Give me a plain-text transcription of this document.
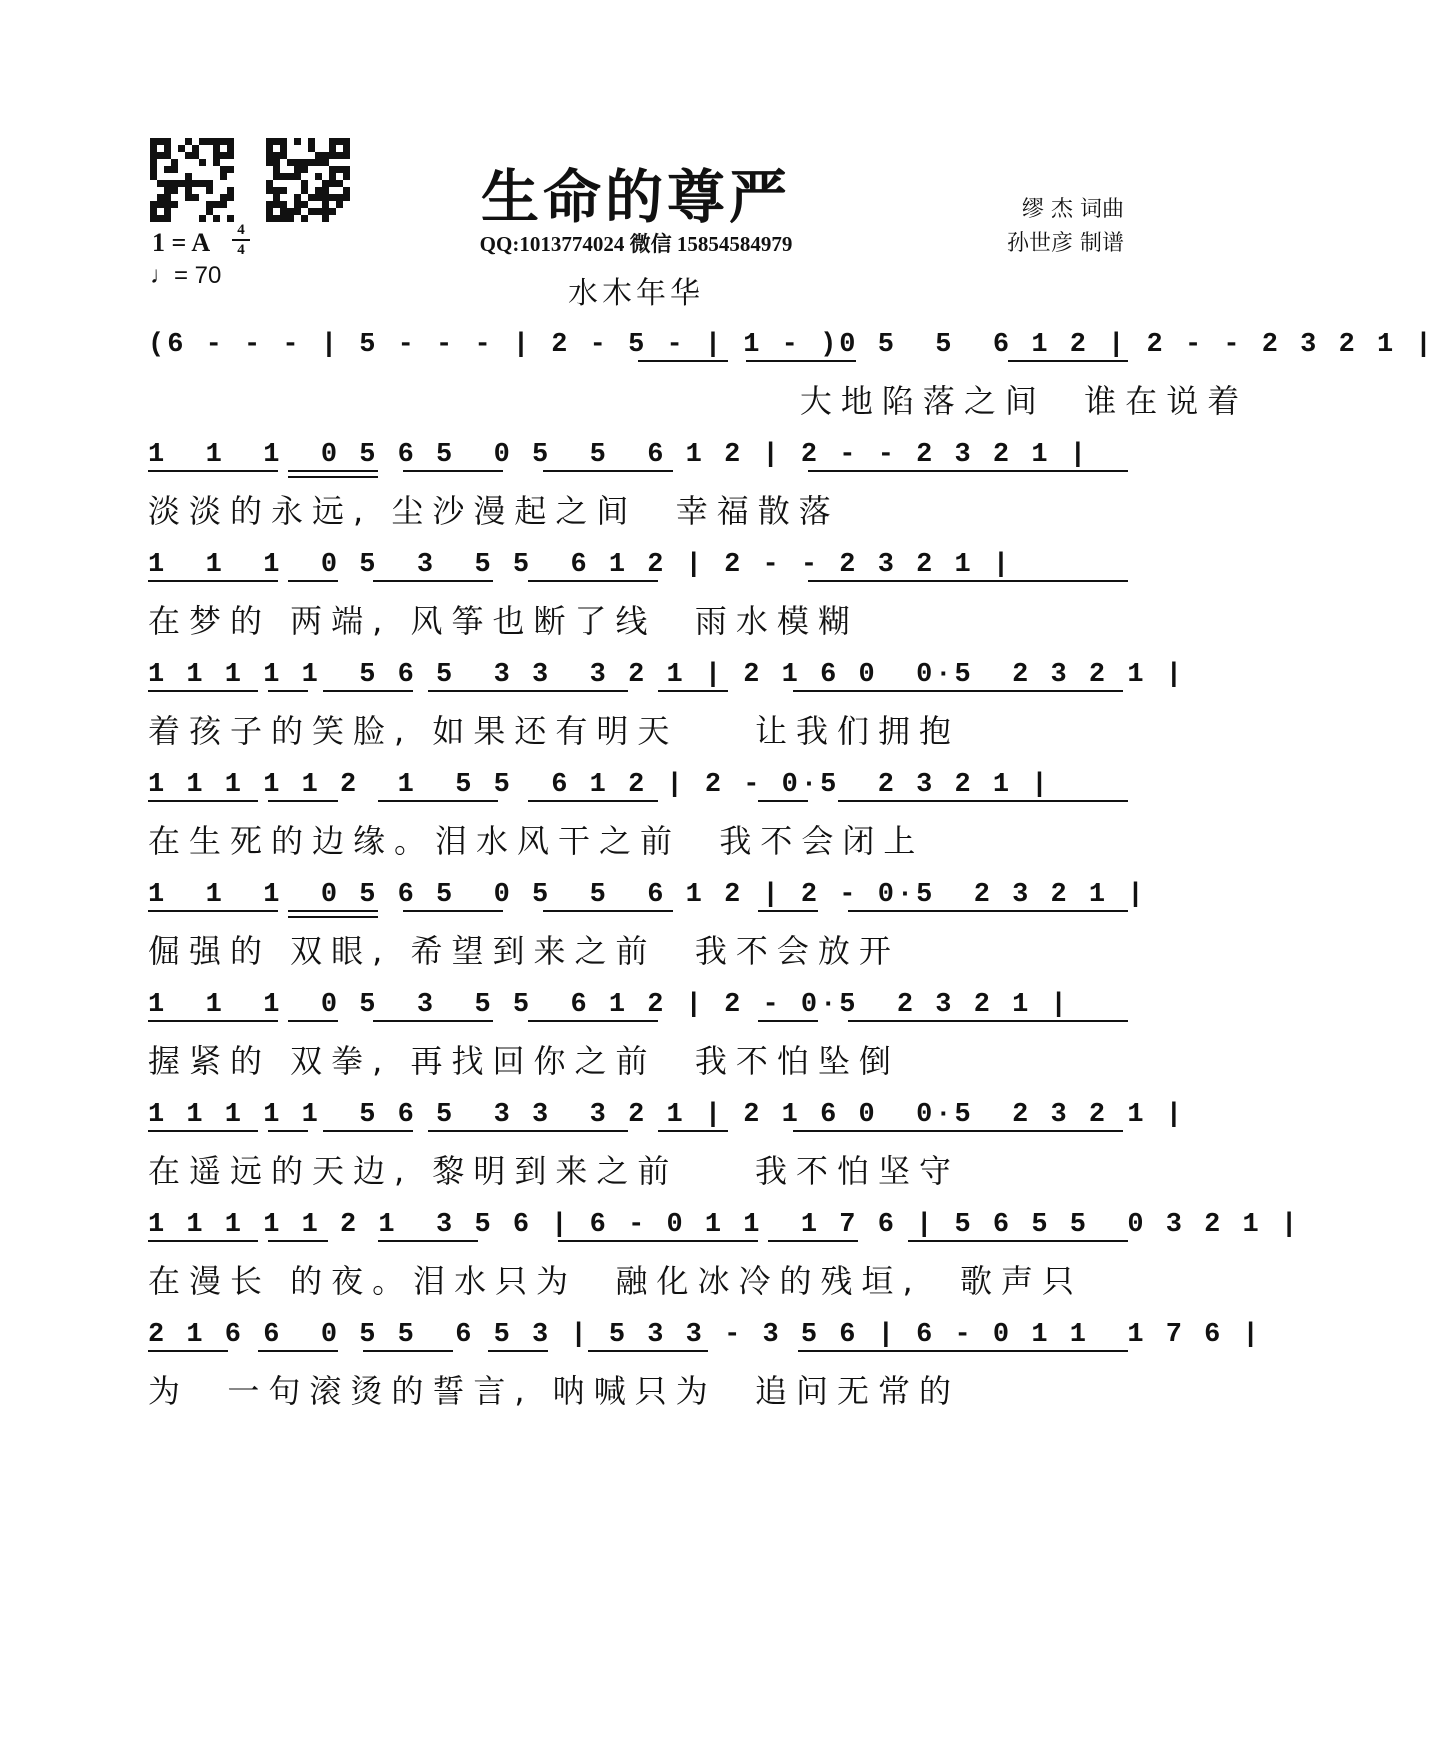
生命的尊严
QQ:1013774024 微信 15854584979
水木年华
缪 杰 词曲
孙世彦 制谱
1 = A	4
4
♩= 70
(6 - - - | 5 - - - | 2 - 5 - | 1 - )0 5  5  6 1 2 | 2 - - 2 3 2 1 |
大地陷落之间  谁在说着
1  1  1  0 5 6 5  0 5  5  6 1 2 | 2 - - 2 3 2 1 |
淡淡的永远, 尘沙漫起之间  幸福散落
1  1  1  0 5  3  5 5  6 1 2 | 2 - - 2 3 2 1 |
在梦的 两端, 风筝也断了线  雨水模糊
1 1 1 1 1  5 6 5  3 3  3 2 1 | 2 1 6 0  0·5  2 3 2 1 |
着孩子的笑脸, 如果还有明天    让我们拥抱
1 1 1 1 1 2  1  5 5  6 1 2 | 2 - 0·5  2 3 2 1 |
在生死的边缘。泪水风干之前  我不会闭上
1  1  1  0 5 6 5  0 5  5  6 1 2 | 2 - 0·5  2 3 2 1 |
倔强的 双眼, 希望到来之前  我不会放开
1  1  1  0 5  3  5 5  6 1 2 | 2 - 0·5  2 3 2 1 |
握紧的 双拳, 再找回你之前  我不怕坠倒
1 1 1 1 1  5 6 5  3 3  3 2 1 | 2 1 6 0  0·5  2 3 2 1 |
在遥远的天边, 黎明到来之前    我不怕坚守
1 1 1 1 1 2 1  3 5 6 | 6 - 0 1 1  1 7 6 | 5 6 5 5  0 3 2 1 |
在漫长 的夜。泪水只为  融化冰冷的残垣,  歌声只
2 1 6 6  0 5 5  6 5 3 | 5 3 3 - 3 5 6 | 6 - 0 1 1  1 7 6 |
为  一句滚烫的誓言, 呐喊只为  追问无常的
